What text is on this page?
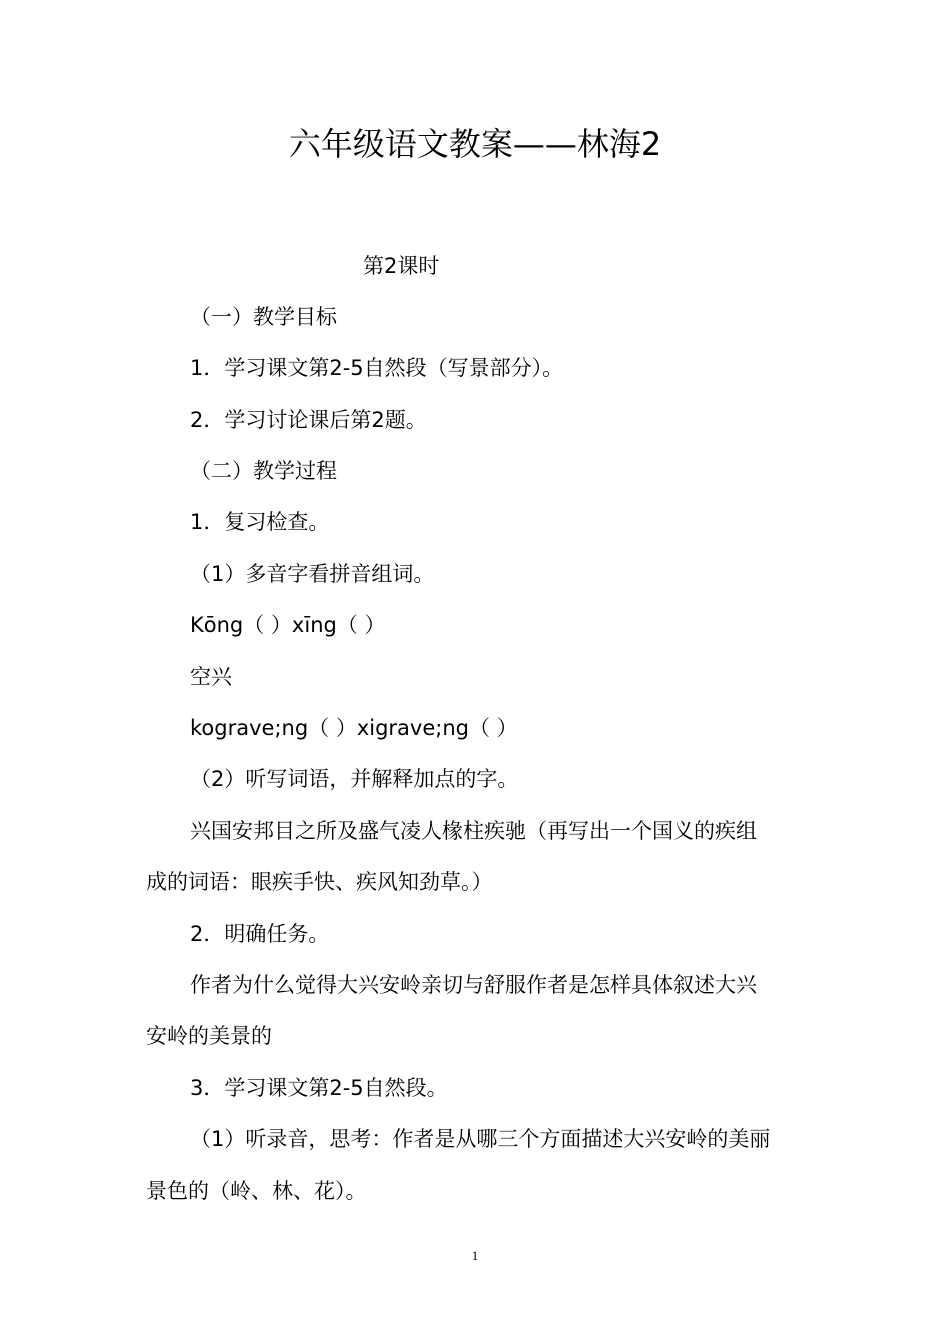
六年级语文教案——林海2
第2课时
（一）教学目标
1．学习课文第2-5自然段（写景部分）。
2．学习讨论课后第2题。
（二）教学过程
1．复习检查。
（1）多音字看拼音组词。
Kōng（ ）xīng（ ）
空兴
kograve;ng（ ）xigrave;ng（ ）
（2）听写词语，并解释加点的字。
兴国安邦目之所及盛气凌人椽柱疾驰（再写出一个国义的疾组
成的词语：眼疾手快、疾风知劲草。）
2．明确任务。
作者为什么觉得大兴安岭亲切与舒服作者是怎样具体叙述大兴
安岭的美景的
3．学习课文第2-5自然段。
（1）听录音，思考：作者是从哪三个方面描述大兴安岭的美丽
景色的（岭、林、花）。
1
